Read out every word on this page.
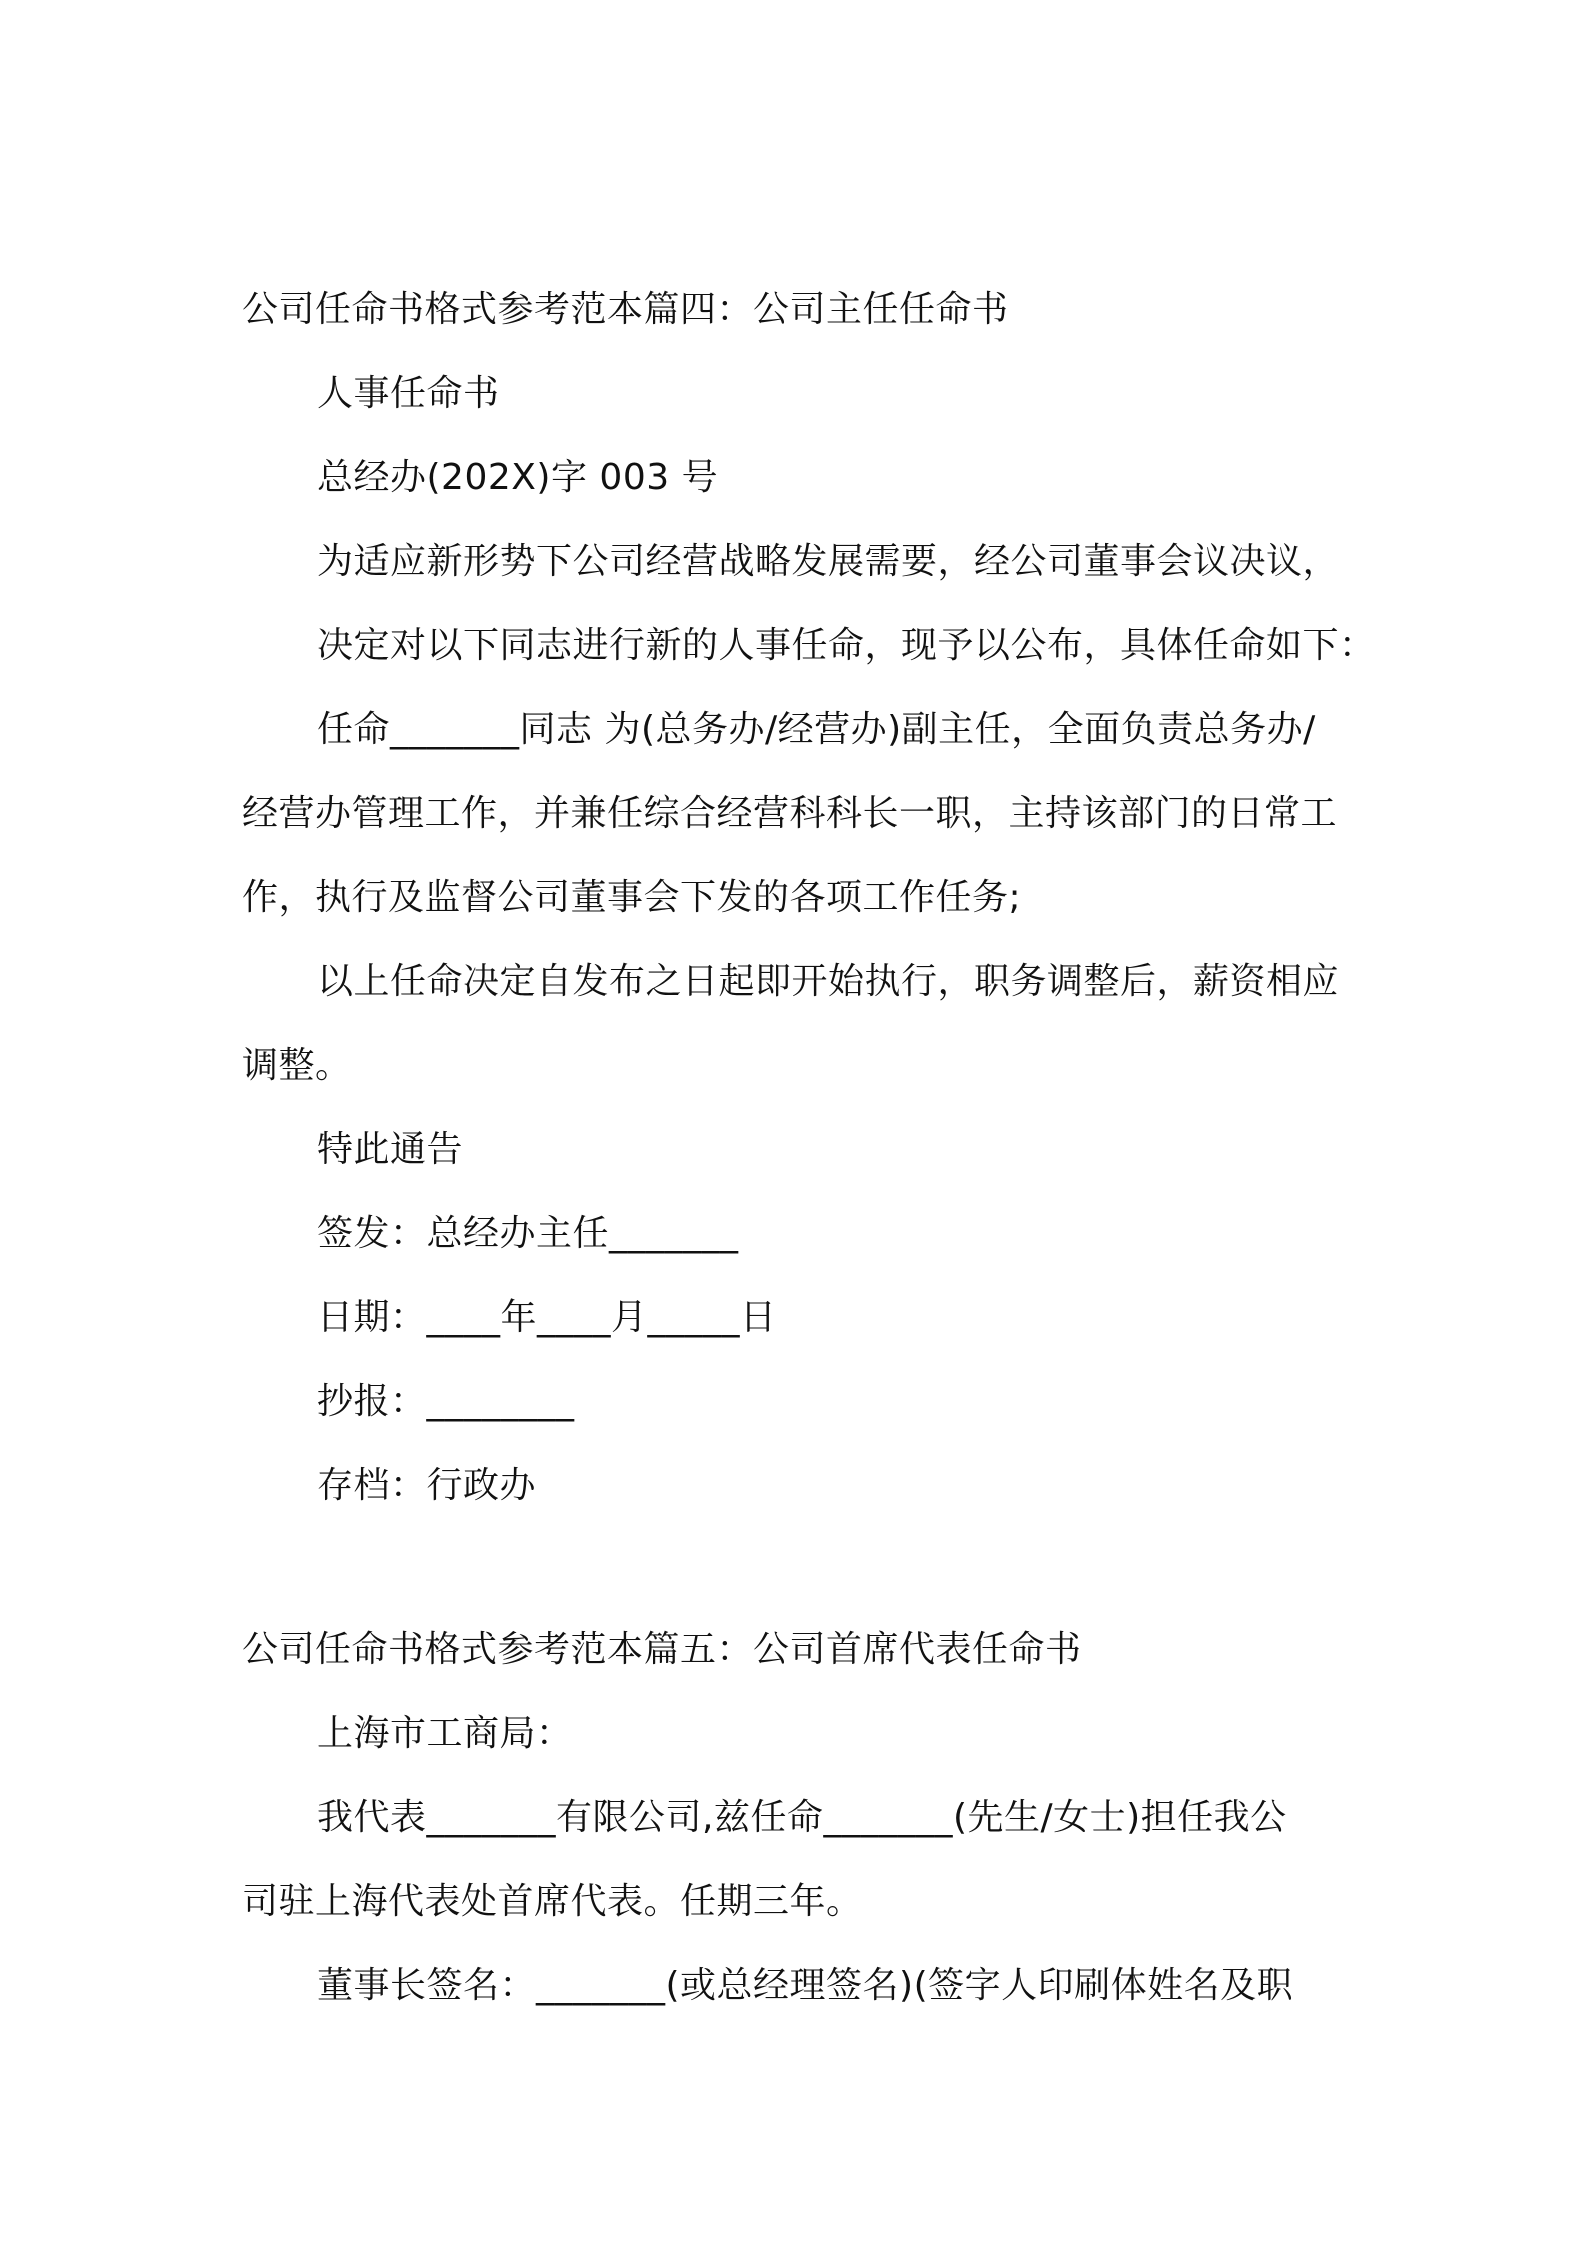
公司任命书格式参考范本篇四：公司主任任命书
人事任命书
总经办(202X)字 003 号
为适应新形势下公司经营战略发展需要，经公司董事会议决议，
决定对以下同志进行新的人事任命，现予以公布，具体任命如下：
任命_______同志 为(总务办/经营办)副主任，全面负责总务办/
经营办管理工作，并兼任综合经营科科长一职，主持该部门的日常工
作，执行及监督公司董事会下发的各项工作任务;
以上任命决定自发布之日起即开始执行，职务调整后，薪资相应
调整。
特此通告
签发：总经办主任_______
日期：____年____月_____日
抄报：________
存档：行政办
公司任命书格式参考范本篇五：公司首席代表任命书
上海市工商局：
我代表_______有限公司,兹任命_______(先生/女士)担任我公
司驻上海代表处首席代表。任期三年。
董事长签名：_______(或总经理签名)(签字人印刷体姓名及职
